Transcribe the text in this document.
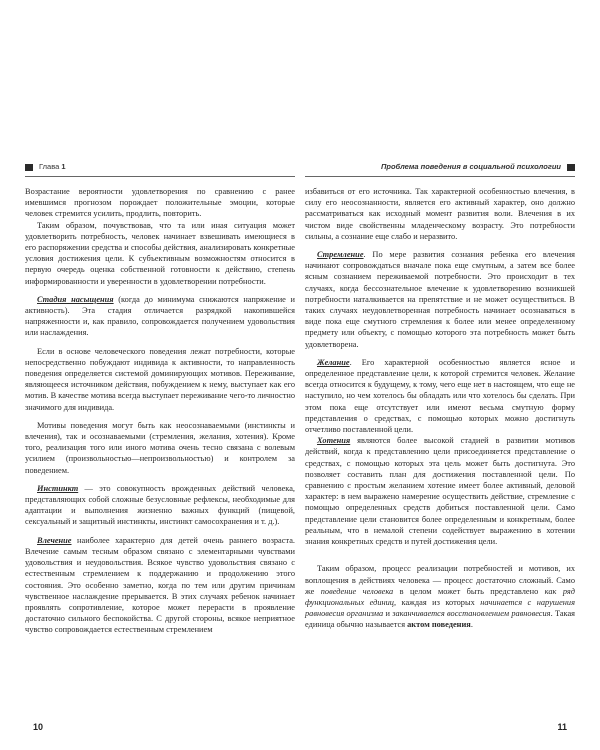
Глава 1

Возрастание вероятности удовлетворения по сравнению с ранее имевшимся прогнозом порождает положительные эмоции, которые человек стремится усилить, продлить, повторить.

Таким образом, почувствовав, что та или иная ситуация может удовлетворить потребность, человек начинает взвешивать имеющиеся в его распоряжении средства и способы действия, анализировать конкретные условия достижения цели. К субъективным возможностям относится в первую очередь оценка собственной готовности к действию, степень информированности и уверенности в удовлетворении потребности.

Стадия насыщения (когда до минимума снижаются напряжение и активность). Эта стадия отличается разрядкой накопившейся напряженности и, как правило, сопровождается получением удовольствия или наслаждения.

Если в основе человеческого поведения лежат потребности, которые непосредственно побуждают индивида к активности, то направленность поведения определяется системой доминирующих мотивов. Переживание, являющееся источником действия, побуждением к нему, выступает как его мотив. В качестве мотива всегда выступает переживание чего-то личностно значимого для индивида.

Мотивы поведения могут быть как неосознаваемыми (инстинкты и влечения), так и осознаваемыми (стремления, желания, хотения). Кроме того, реализация того или иного мотива очень тесно связана с волевым усилием (произвольностью—непроизвольностью) и контролем за поведением.

Инстинкт — это совокупность врожденных действий человека, представляющих собой сложные безусловные рефлексы, необходимые для адаптации и выполнения жизненно важных функций (пищевой, сексуальный и защитный инстинкты, инстинкт самосохранения и т. д.).

Влечение наиболее характерно для детей очень раннего возраста. Влечение самым тесным образом связано с элементарными чувствами удовольствия и неудовольствия. Всякое чувство удовольствия связано с естественным стремлением к поддержанию и продолжению этого состояния. Это особенно заметно, когда по тем или другим причинам чувственное наслаждение прерывается. В этих случаях ребенок начинает проявлять сопротивление, которое может перерасти в проявление достаточно сильного беспокойства. С другой стороны, всякое неприятное чувство сопровождается естественным стремлением

10
Проблема поведения в социальной психологии

избавиться от его источника. Так характерной особенностью влечения, в силу его неосознанности, является его активный характер, оно должно рассматриваться как исходный момент развития воли. Влечения в их чистом виде свойственны младенческому возрасту. Это потребности сильны, а сознание еще слабо и неразвито.

Стремление. По мере развития сознания ребенка его влечения начинают сопровождаться вначале пока еще смутным, а затем все более ясным сознанием переживаемой потребности. Это происходит в тех случаях, когда бессознательное влечение к удовлетворению возникшей потребности наталкивается на препятствие и не может осуществиться. В таких случаях неудовлетворенная потребность начинает осознаваться в виде пока еще смутного стремления к более или менее определенному предмету или объекту, с помощью которого эта потребность может быть удовлетворена.

Желание. Его характерной особенностью является ясное и определенное представление цели, к которой стремится человек. Желание всегда относится к будущему, к тому, чего еще нет в настоящем, что еще не наступило, но чем хотелось бы обладать или что хотелось бы сделать. При этом пока еще отсутствует или имеют весьма смутную форму представления о средствах, с помощью которых можно достигнуть отчетливо поставленной цели.

Хотения являются более высокой стадией в развитии мотивов действий, когда к представлению цели присоединяется представление о средствах, с помощью которых эта цель может быть достигнута. Это позволяет составить план для достижения поставленной цели. По сравнению с простым желанием хотение имеет более активный, деловой характер: в нем выражено намерение осуществить действие, стремление с помощью определенных средств добиться поставленной цели. Само представление цели становится более определенным и конкретным, более реальным, что в немалой степени содействует выражению в хотении знания конкретных средств и путей достижения цели.

Таким образом, процесс реализации потребностей и мотивов, их воплощения в действиях человека — процесс достаточно сложный. Само же поведение человека в целом может быть представлено как ряд функциональных единиц, каждая из которых начинается с нарушения равновесия организма и заканчивается восстановлением равновесия. Такая единица обычно называется актом поведения.

11
